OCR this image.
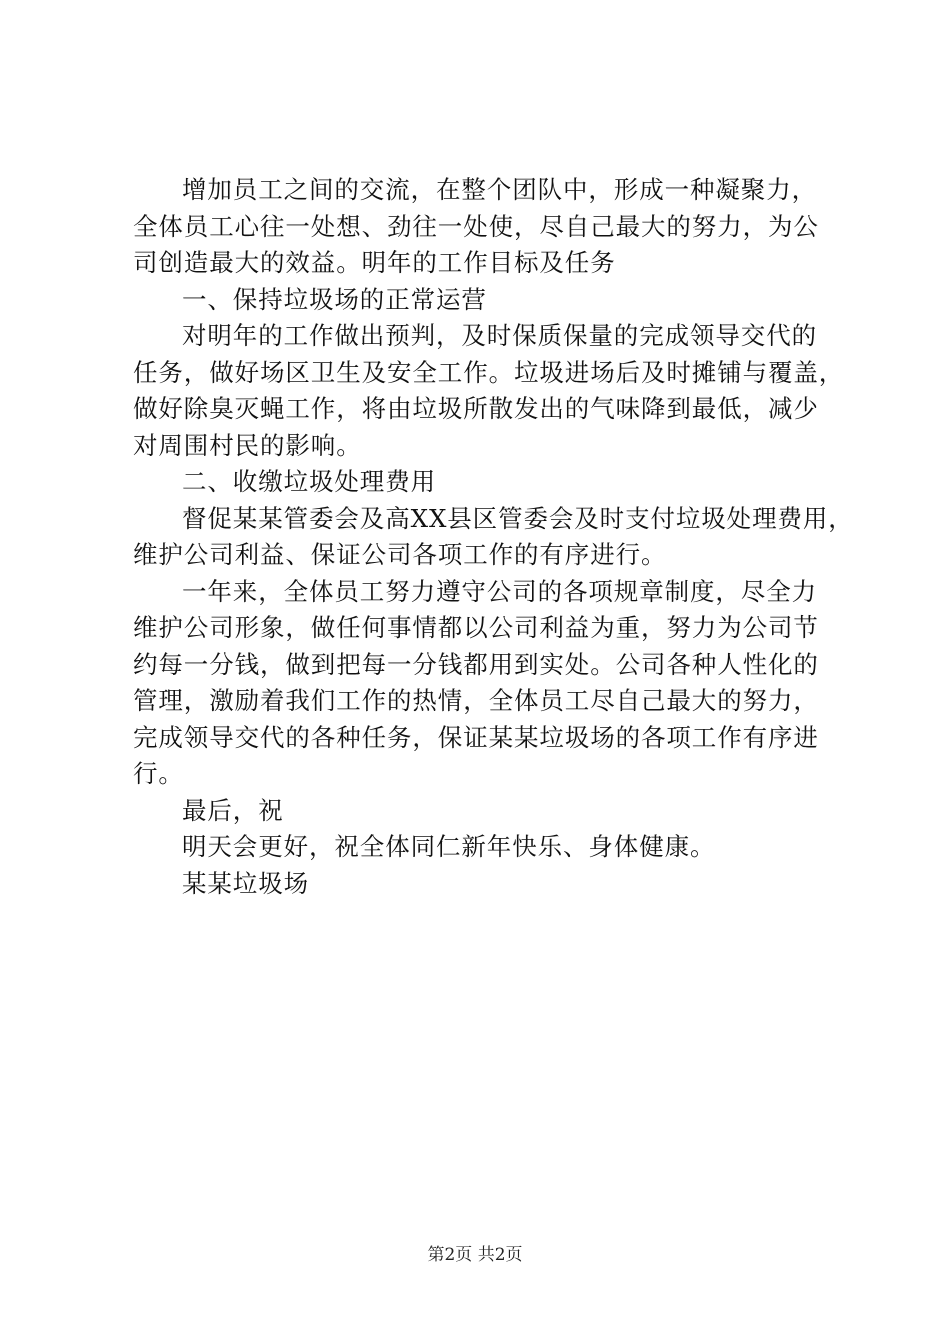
增加员工之间的交流，在整个团队中，形成一种凝聚力，

全体员工心往一处想、劲往一处使，尽自己最大的努力，为公

司创造最大的效益。明年的工作目标及任务

一、保持垃圾场的正常运营

对明年的工作做出预判，及时保质保量的完成领导交代的

任务，做好场区卫生及安全工作。垃圾进场后及时摊铺与覆盖，

做好除臭灭蝇工作，将由垃圾所散发出的气味降到最低，减少

对周围村民的影响。

二、收缴垃圾处理费用

督促某某管委会及高XX县区管委会及时支付垃圾处理费用，

维护公司利益、保证公司各项工作的有序进行。

一年来，全体员工努力遵守公司的各项规章制度，尽全力

维护公司形象，做任何事情都以公司利益为重，努力为公司节

约每一分钱，做到把每一分钱都用到实处。公司各种人性化的

管理，激励着我们工作的热情，全体员工尽自己最大的努力，

完成领导交代的各种任务，保证某某垃圾场的各项工作有序进

行。

最后，祝

明天会更好，祝全体同仁新年快乐、身体健康。

某某垃圾场

第2页 共2页
